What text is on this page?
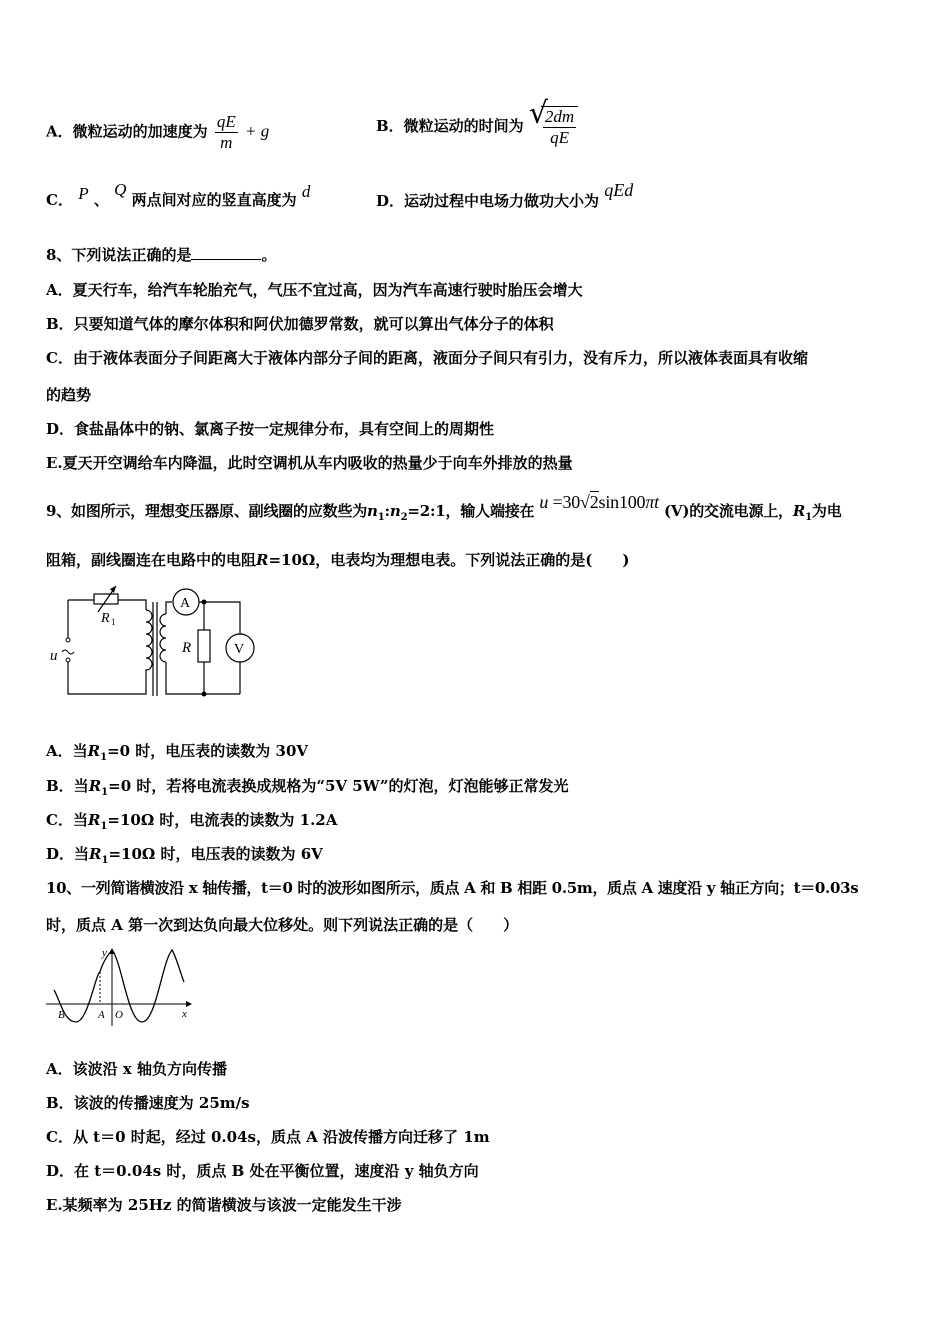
A．微粒运动的加速度为 $\frac{qE}{m} + g$	B．微粒运动的时间为 √
$\frac{2dm}{qE}$
C． P 、 Q 两点间对应的竖直高度为 d	D．运动过程中电场力做功大小为 qEd
8、下列说法正确的是	。
A．夏天行车，给汽车轮胎充气，气压不宜过高，因为汽车高速行驶时胎压会增大
B．只要知道气体的摩尔体积和阿伏加德罗常数，就可以算出气体分子的体积
C．由于液体表面分子间距离大于液体内部分子间的距离，液面分子间只有引力，没有斥力，所以液体表面具有收缩
的趋势
D．食盐晶体中的钠、氯离子按一定规律分布，具有空间上的周期性
E.夏天开空调给车内降温，此时空调机从车内吸收的热量少于向车外排放的热量
9、如图所示，理想变压器原、副线圈的应数些为$n_1:n_2=2:1$，输人端接在 u =30√2sin100πt (V)的交流电源上，$R_1$为电
阻箱，副线圈连在电路中的电阻R=10Ω，电表均为理想电表。下列说法正确的是(　　)
R 1
u	R
A
V
A．当$R_1=0$ 时，电压表的读数为 30V
B．当$R_1=0$ 时，若将电流表换成规格为“5V 5W”的灯泡，灯泡能够正常发光
C．当$R_1=10\Omega$ 时，电流表的读数为 1.2A
D．当$R_1=10\Omega$ 时，电压表的读数为 6V
10、一列简谐横波沿 x 轴传播，t＝0 时的波形如图所示，质点 A 和 B 相距 0.5m，质点 A 速度沿 y 轴正方向；t＝0.03s
时，质点 A 第一次到达负向最大位移处。则下列说法正确的是（　　）
y
x
B	A O
A．该波沿 x 轴负方向传播
B．该波的传播速度为 25m/s
C．从 t＝0 时起，经过 0.04s，质点 A 沿波传播方向迁移了 1m
D．在 t＝0.04s 时，质点 B 处在平衡位置，速度沿 y 轴负方向
E.某频率为 25Hz 的简谐横波与该波一定能发生干涉
